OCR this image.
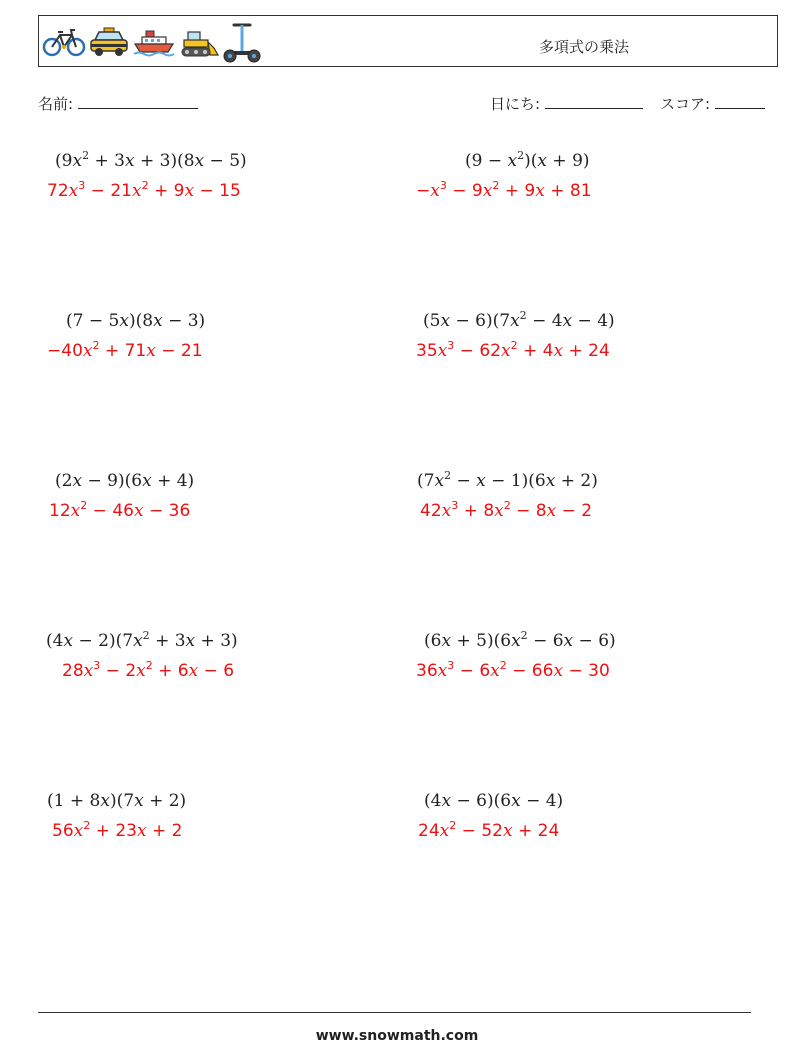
多項式の乗法
名前:	日にち:	スコア:
$(9x^2 + 3x + 3)(8x - 5)$
$72x^3 - 21x^2 + 9x - 15$
$(9 - x^2)(x + 9)$
$-x^3 - 9x^2 + 9x + 81$
(7 − 5x)(8x − 3)
$-40x^2 + 71x - 21$
$(5x - 6)(7x^2 - 4x - 4)$
$35x^3 - 62x^2 + 4x + 24$
(2x − 9)(6x + 4)
$12x^2 - 46x - 36$
$(7x^2 - x - 1)(6x + 2)$
$42x^3 + 8x^2 - 8x - 2$
$(4x - 2)(7x^2 + 3x + 3)$
$28x^3 - 2x^2 + 6x - 6$
$(6x + 5)(6x^2 - 6x - 6)$
$36x^3 - 6x^2 - 66x - 30$
(1 + 8x)(7x + 2)
$56x^2 + 23x + 2$
(4x − 6)(6x − 4)
$24x^2 - 52x + 24$
www.snowmath.com
